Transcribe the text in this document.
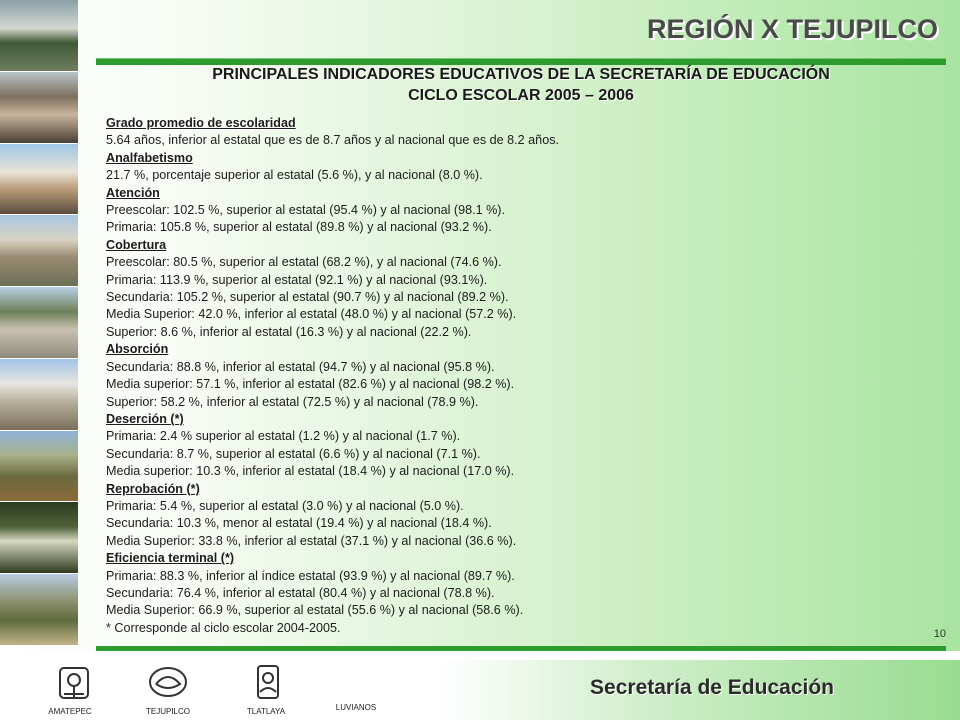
REGIÓN X TEJUPILCO
PRINCIPALES INDICADORES EDUCATIVOS DE LA SECRETARÍA DE EDUCACIÓN
CICLO ESCOLAR 2005 – 2006
Grado promedio de escolaridad
5.64 años, inferior al estatal que es de 8.7 años y al nacional que es de 8.2 años.
Analfabetismo
21.7 %, porcentaje superior al estatal (5.6 %), y al nacional (8.0 %).
Atención
Preescolar: 102.5 %, superior al estatal (95.4 %) y al nacional (98.1 %).
Primaria: 105.8 %, superior al estatal (89.8 %) y al nacional (93.2 %).
Cobertura
Preescolar: 80.5 %, superior al estatal (68.2 %), y al nacional (74.6 %).
Primaria: 113.9 %, superior al estatal (92.1 %) y al nacional (93.1%).
Secundaria: 105.2 %, superior al estatal (90.7 %) y al nacional (89.2 %).
Media Superior: 42.0 %, inferior al estatal (48.0 %) y al nacional (57.2 %).
Superior: 8.6 %, inferior al estatal (16.3 %) y al nacional (22.2 %).
Absorción
Secundaria: 88.8 %, inferior al estatal (94.7 %) y al nacional (95.8 %).
Media superior: 57.1 %, inferior al estatal (82.6 %) y al nacional (98.2 %).
Superior: 58.2 %, inferior al estatal (72.5 %) y al nacional (78.9 %).
Deserción (*)
Primaria: 2.4 % superior al estatal (1.2 %) y al nacional (1.7 %).
Secundaria: 8.7 %, superior al estatal (6.6 %) y al nacional (7.1 %).
Media superior: 10.3 %, inferior al estatal (18.4 %) y al nacional (17.0 %).
Reprobación (*)
Primaria: 5.4 %, superior al estatal (3.0 %) y al nacional (5.0 %).
Secundaria: 10.3 %, menor al estatal (19.4 %) y al nacional (18.4 %).
Media Superior: 33.8 %, inferior al estatal (37.1 %) y al nacional (36.6 %).
Eficiencia terminal (*)
Primaria: 88.3 %, inferior al índice estatal (93.9 %) y al nacional (89.7 %).
Secundaria: 76.4 %, inferior al estatal (80.4 %) y al nacional (78.8 %).
Media Superior: 66.9 %, superior al estatal (55.6 %) y al nacional (58.6 %).
* Corresponde al ciclo escolar 2004-2005.	10
AMATEPEC	TEJUPILCO	TLATLAYA	LUVIANOS
Secretaría de Educación
